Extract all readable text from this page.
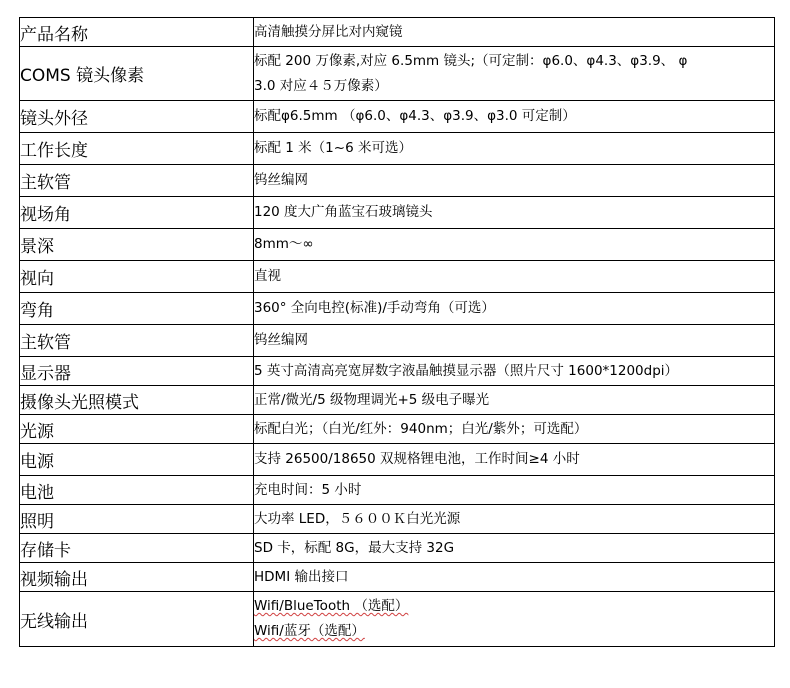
产品名称	高清触摸分屏比对内窥镜

COMS 镜头像素	标配 200 万像素,对应 6.5mm 镜头;（可定制：φ6.0、φ4.3、φ3.9、 φ
3.0 对应４５万像素）

镜头外径	标配φ6.5mm （φ6.0、φ4.3、φ3.9、φ3.0 可定制）

工作长度	标配 1 米（1~6 米可选）

主软管	钨丝编网

视场角	120 度大广角蓝宝石玻璃镜头

景深	8mm～∞

视向	直视

弯角	360° 全向电控(标准)/手动弯角（可选）

主软管	钨丝编网

显示器	5 英寸高清高亮宽屏数字液晶触摸显示器（照片尺寸 1600*1200dpi）

摄像头光照模式	正常/微光/5 级物理调光+5 级电子曝光

光源	标配白光；（白光/红外：940nm；白光/紫外；可选配）

电源	支持 26500/18650 双规格锂电池，工作时间≥4 小时

电池	充电时间：5 小时

照明	大功率 LED，５６００Ｋ白光光源

存储卡	SD 卡，标配 8G，最大支持 32G

视频输出	HDMI 输出接口

无线输出	Wifi/BlueTooth （选配）
Wifi/蓝牙（选配）
